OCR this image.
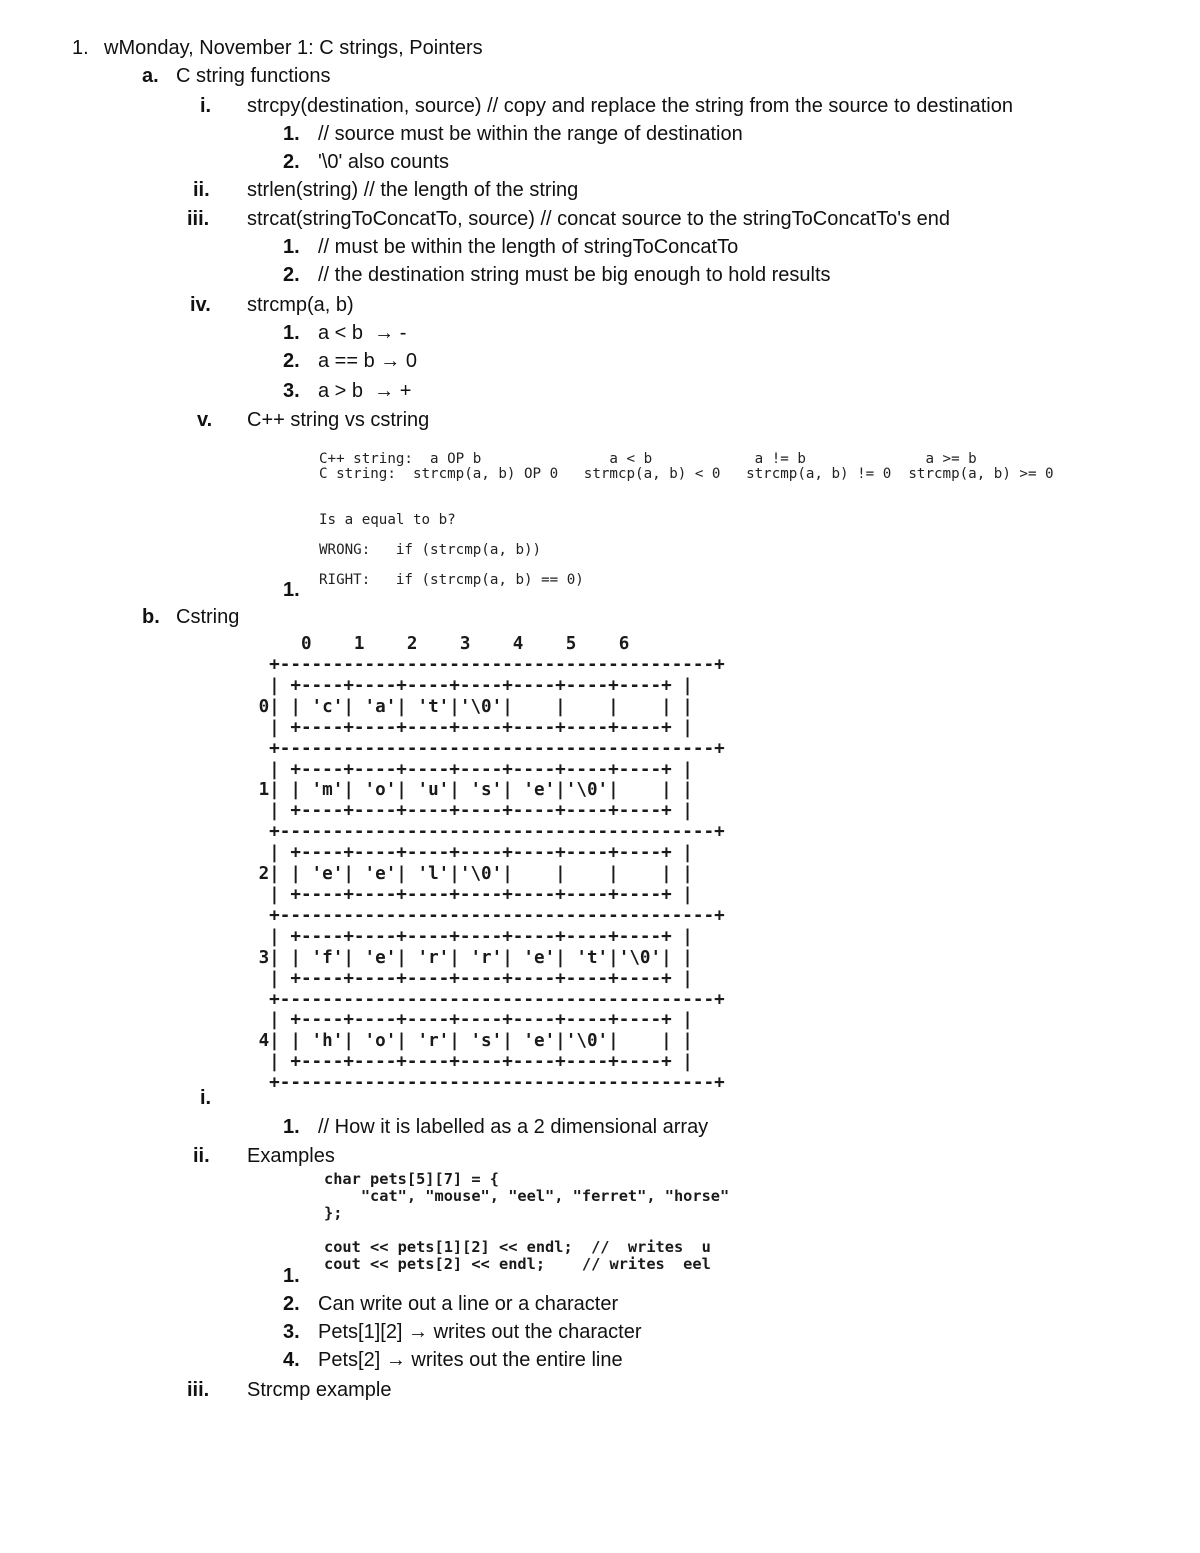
1. wMonday, November 1: C strings, Pointers
a. C string functions
i. strcpy(destination, source) // copy and replace the string from the source to destination
1. // source must be within the range of destination
2. '\0' also counts
ii. strlen(string) // the length of the string
iii. strcat(stringToConcatTo, source) // concat source to the stringToConcatTo's end
1. // must be within the length of stringToConcatTo
2. // the destination string must be big enough to hold results
iv. strcmp(a, b)
1. a < b  → -
2. a == b → 0
3. a > b  → +
v. C++ string vs cstring
C++ string:  a OP b               a < b            a != b              a >= b
C string:  strcmp(a, b) OP 0   strmcp(a, b) < 0   strcmp(a, b) != 0  strcmp(a, b) >= 0
Is a equal to b?

WRONG:   if (strcmp(a, b))

RIGHT:   if (strcmp(a, b) == 0)
1.
b. Cstring
0    1    2    3    4    5    6
+-----------------------------------------+
| +----+----+----+----+----+----+----+ |
0| | 'c'| 'a'| 't'|'\0'|    |    |    | |
| +----+----+----+----+----+----+----+ |
+-----------------------------------------+
| +----+----+----+----+----+----+----+ |
1| | 'm'| 'o'| 'u'| 's'| 'e'|'\0'|    | |
| +----+----+----+----+----+----+----+ |
+-----------------------------------------+
| +----+----+----+----+----+----+----+ |
2| | 'e'| 'e'| 'l'|'\0'|    |    |    | |
| +----+----+----+----+----+----+----+ |
+-----------------------------------------+
| +----+----+----+----+----+----+----+ |
3| | 'f'| 'e'| 'r'| 'r'| 'e'| 't'|'\0'| |
| +----+----+----+----+----+----+----+ |
+-----------------------------------------+
| +----+----+----+----+----+----+----+ |
4| | 'h'| 'o'| 'r'| 's'| 'e'|'\0'|    | |
| +----+----+----+----+----+----+----+ |
+-----------------------------------------+
i.
1. // How it is labelled as a 2 dimensional array
ii. Examples
char pets[5][7] = {
"cat", "mouse", "eel", "ferret", "horse"
};

cout << pets[1][2] << endl;  //  writes  u
cout << pets[2] << endl;    // writes  eel
1.
2. Can write out a line or a character
3. Pets[1][2] → writes out the character
4. Pets[2] → writes out the entire line
iii. Strcmp example
